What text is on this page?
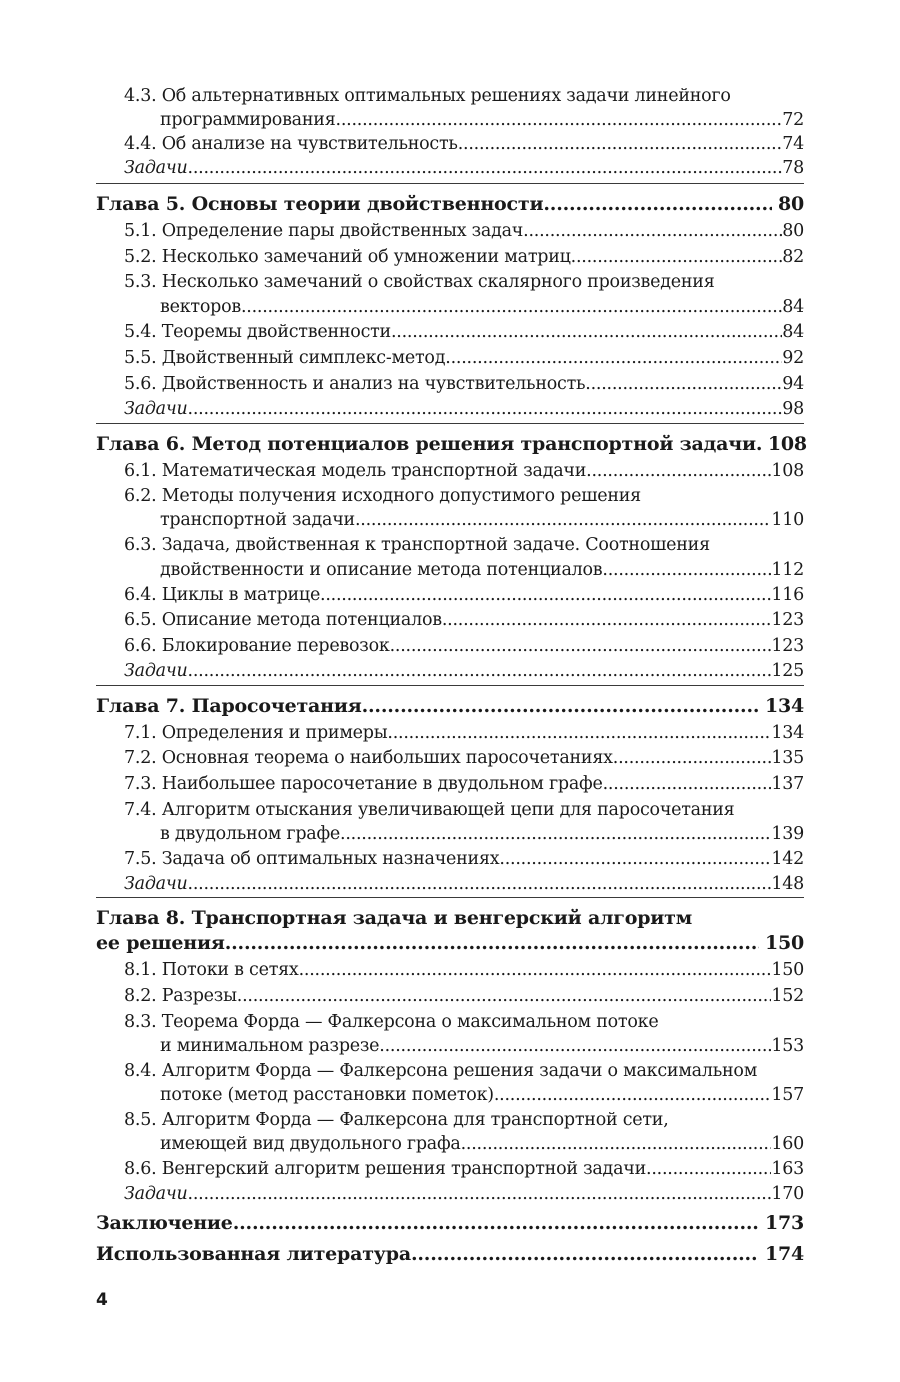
4.3. Об альтернативных оптимальных решениях задачи линейного
программирования .....	72
4.4. Об анализе на чувствительность .....	74
Задачи .....	78
Глава 5. Основы теории двойственности .....	80
5.1. Определение пары двойственных задач .....	80
5.2. Несколько замечаний об умножении матриц .....	82
5.3. Несколько замечаний о свойствах скалярного произведения
векторов .....	84
5.4. Теоремы двойственности .....	84
5.5. Двойственный симплекс-метод .....	92
5.6. Двойственность и анализ на чувствительность .....	94
Задачи .....	98
Глава 6. Метод потенциалов решения транспортной задачи ..... 108
6.1. Математическая модель транспортной задачи .....	108
6.2. Методы получения исходного допустимого решения
транспортной задачи .....	110
6.3. Задача, двойственная к транспортной задаче. Соотношения
двойственности и описание метода потенциалов .....	112
6.4. Циклы в матрице .....	116
6.5. Описание метода потенциалов .....	123
6.6. Блокирование перевозок .....	123
Задачи .....	125
Глава 7. Паросочетания .....	134
7.1. Определения и примеры .....	134
7.2. Основная теорема о наибольших паросочетаниях .....	135
7.3. Наибольшее паросочетание в двудольном графе .....	137
7.4. Алгоритм отыскания увеличивающей цепи для паросочетания
в двудольном графе .....	139
7.5. Задача об оптимальных назначениях .....	142
Задачи .....	148
Глава 8. Транспортная задача и венгерский алгоритм
ее решения .....	150
8.1. Потоки в сетях .....	150
8.2. Разрезы .....	152
8.3. Теорема Форда — Фалкерсона о максимальном потоке
и минимальном разрезе .....	153
8.4. Алгоритм Форда — Фалкерсона решения задачи о максимальном
потоке (метод расстановки пометок) .....	157
8.5. Алгоритм Форда — Фалкерсона для транспортной сети,
имеющей вид двудольного графа .....	160
8.6. Венгерский алгоритм решения транспортной задачи .....	163
Задачи .....	170
Заключение .....	173
Использованная литература .....	174
4
